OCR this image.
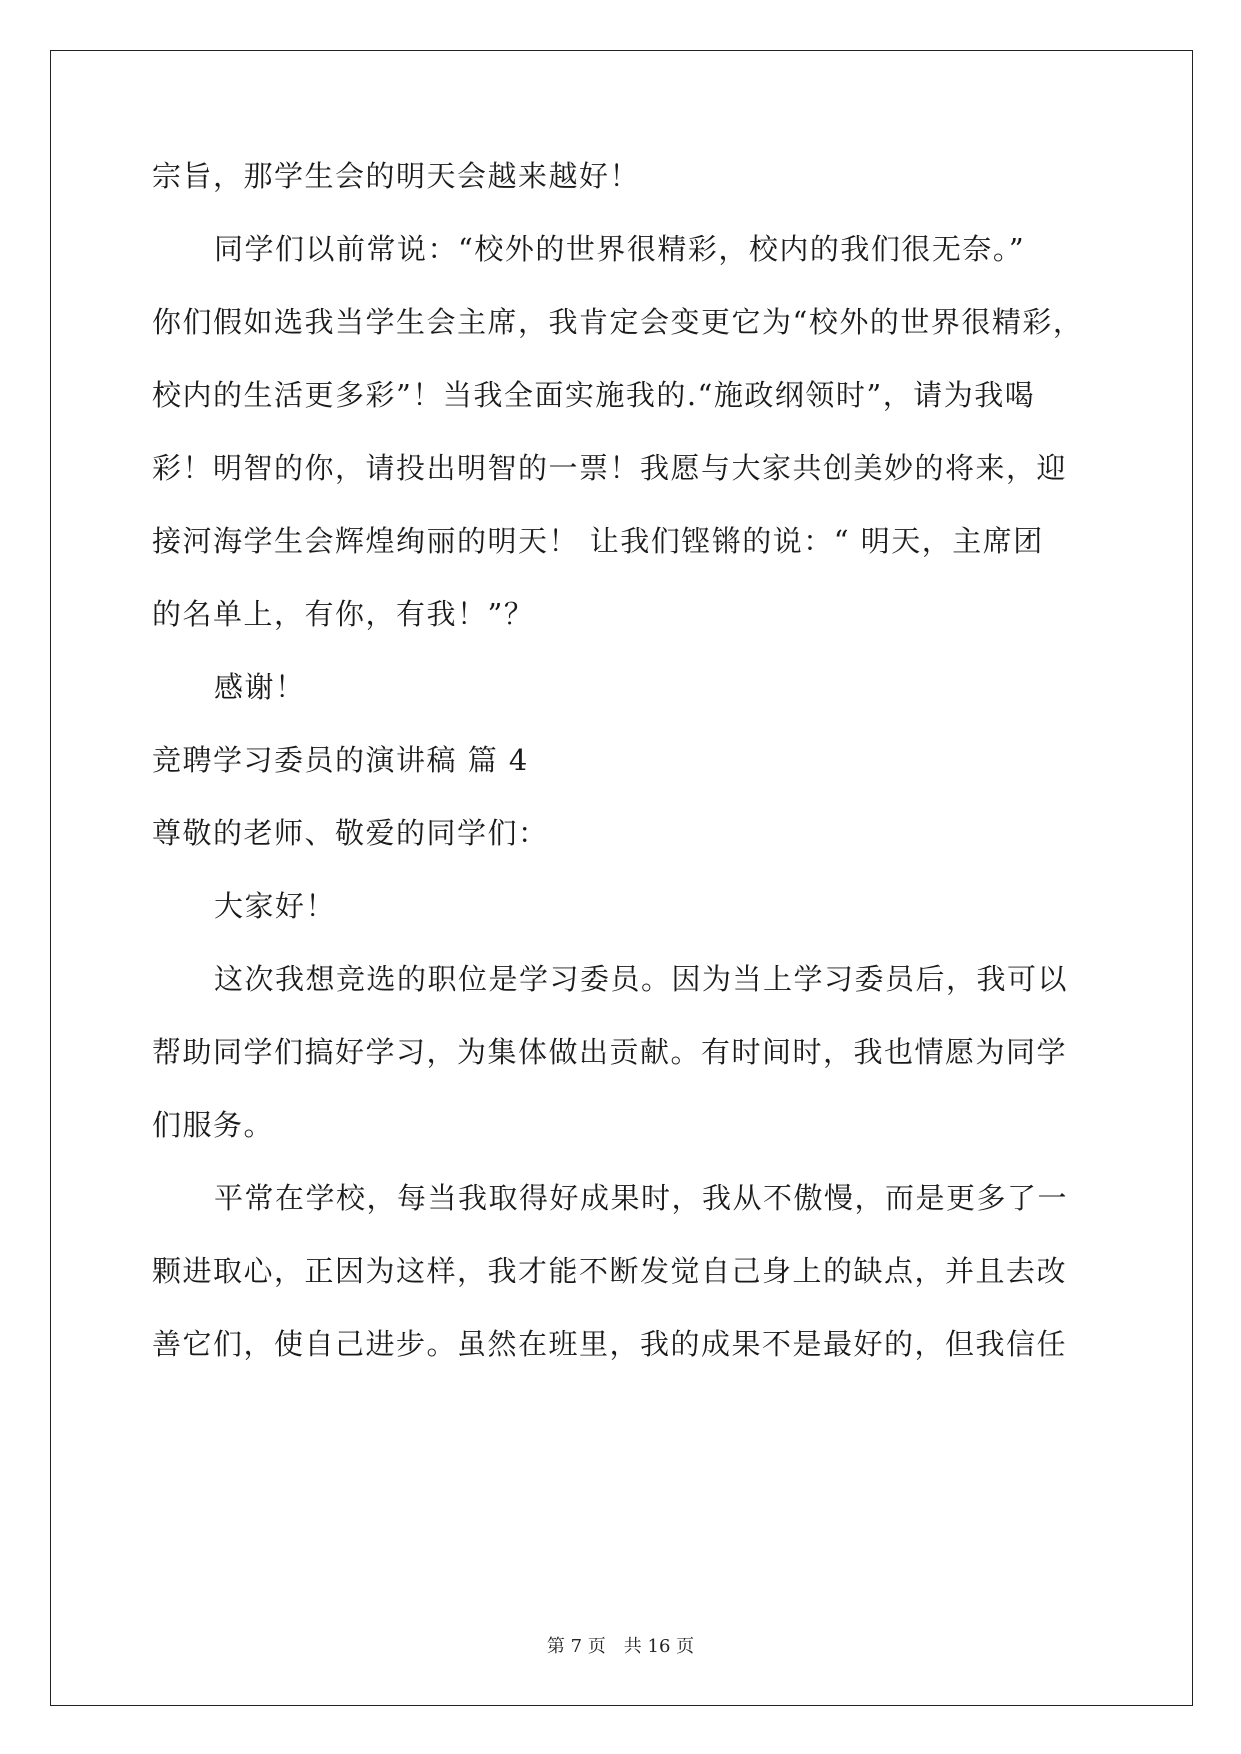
宗旨，那学生会的明天会越来越好！
同学们以前常说：“校外的世界很精彩，校内的我们很无奈。”
你们假如选我当学生会主席，我肯定会变更它为“校外的世界很精彩，
校内的生活更多彩”！当我全面实施我的.“施政纲领时”，请为我喝
彩！明智的你，请投出明智的一票！我愿与大家共创美妙的将来，迎
接河海学生会辉煌绚丽的明天！ 让我们铿锵的说：“ 明天，主席团
的名单上，有你，有我！”？
感谢！
竞聘学习委员的演讲稿 篇 4
尊敬的老师、敬爱的同学们：
大家好！
这次我想竞选的职位是学习委员。因为当上学习委员后，我可以
帮助同学们搞好学习，为集体做出贡献。有时间时，我也情愿为同学
们服务。
平常在学校，每当我取得好成果时，我从不傲慢，而是更多了一
颗进取心，正因为这样，我才能不断发觉自己身上的缺点，并且去改
善它们，使自己进步。虽然在班里，我的成果不是最好的，但我信任
第 7 页 共 16 页
